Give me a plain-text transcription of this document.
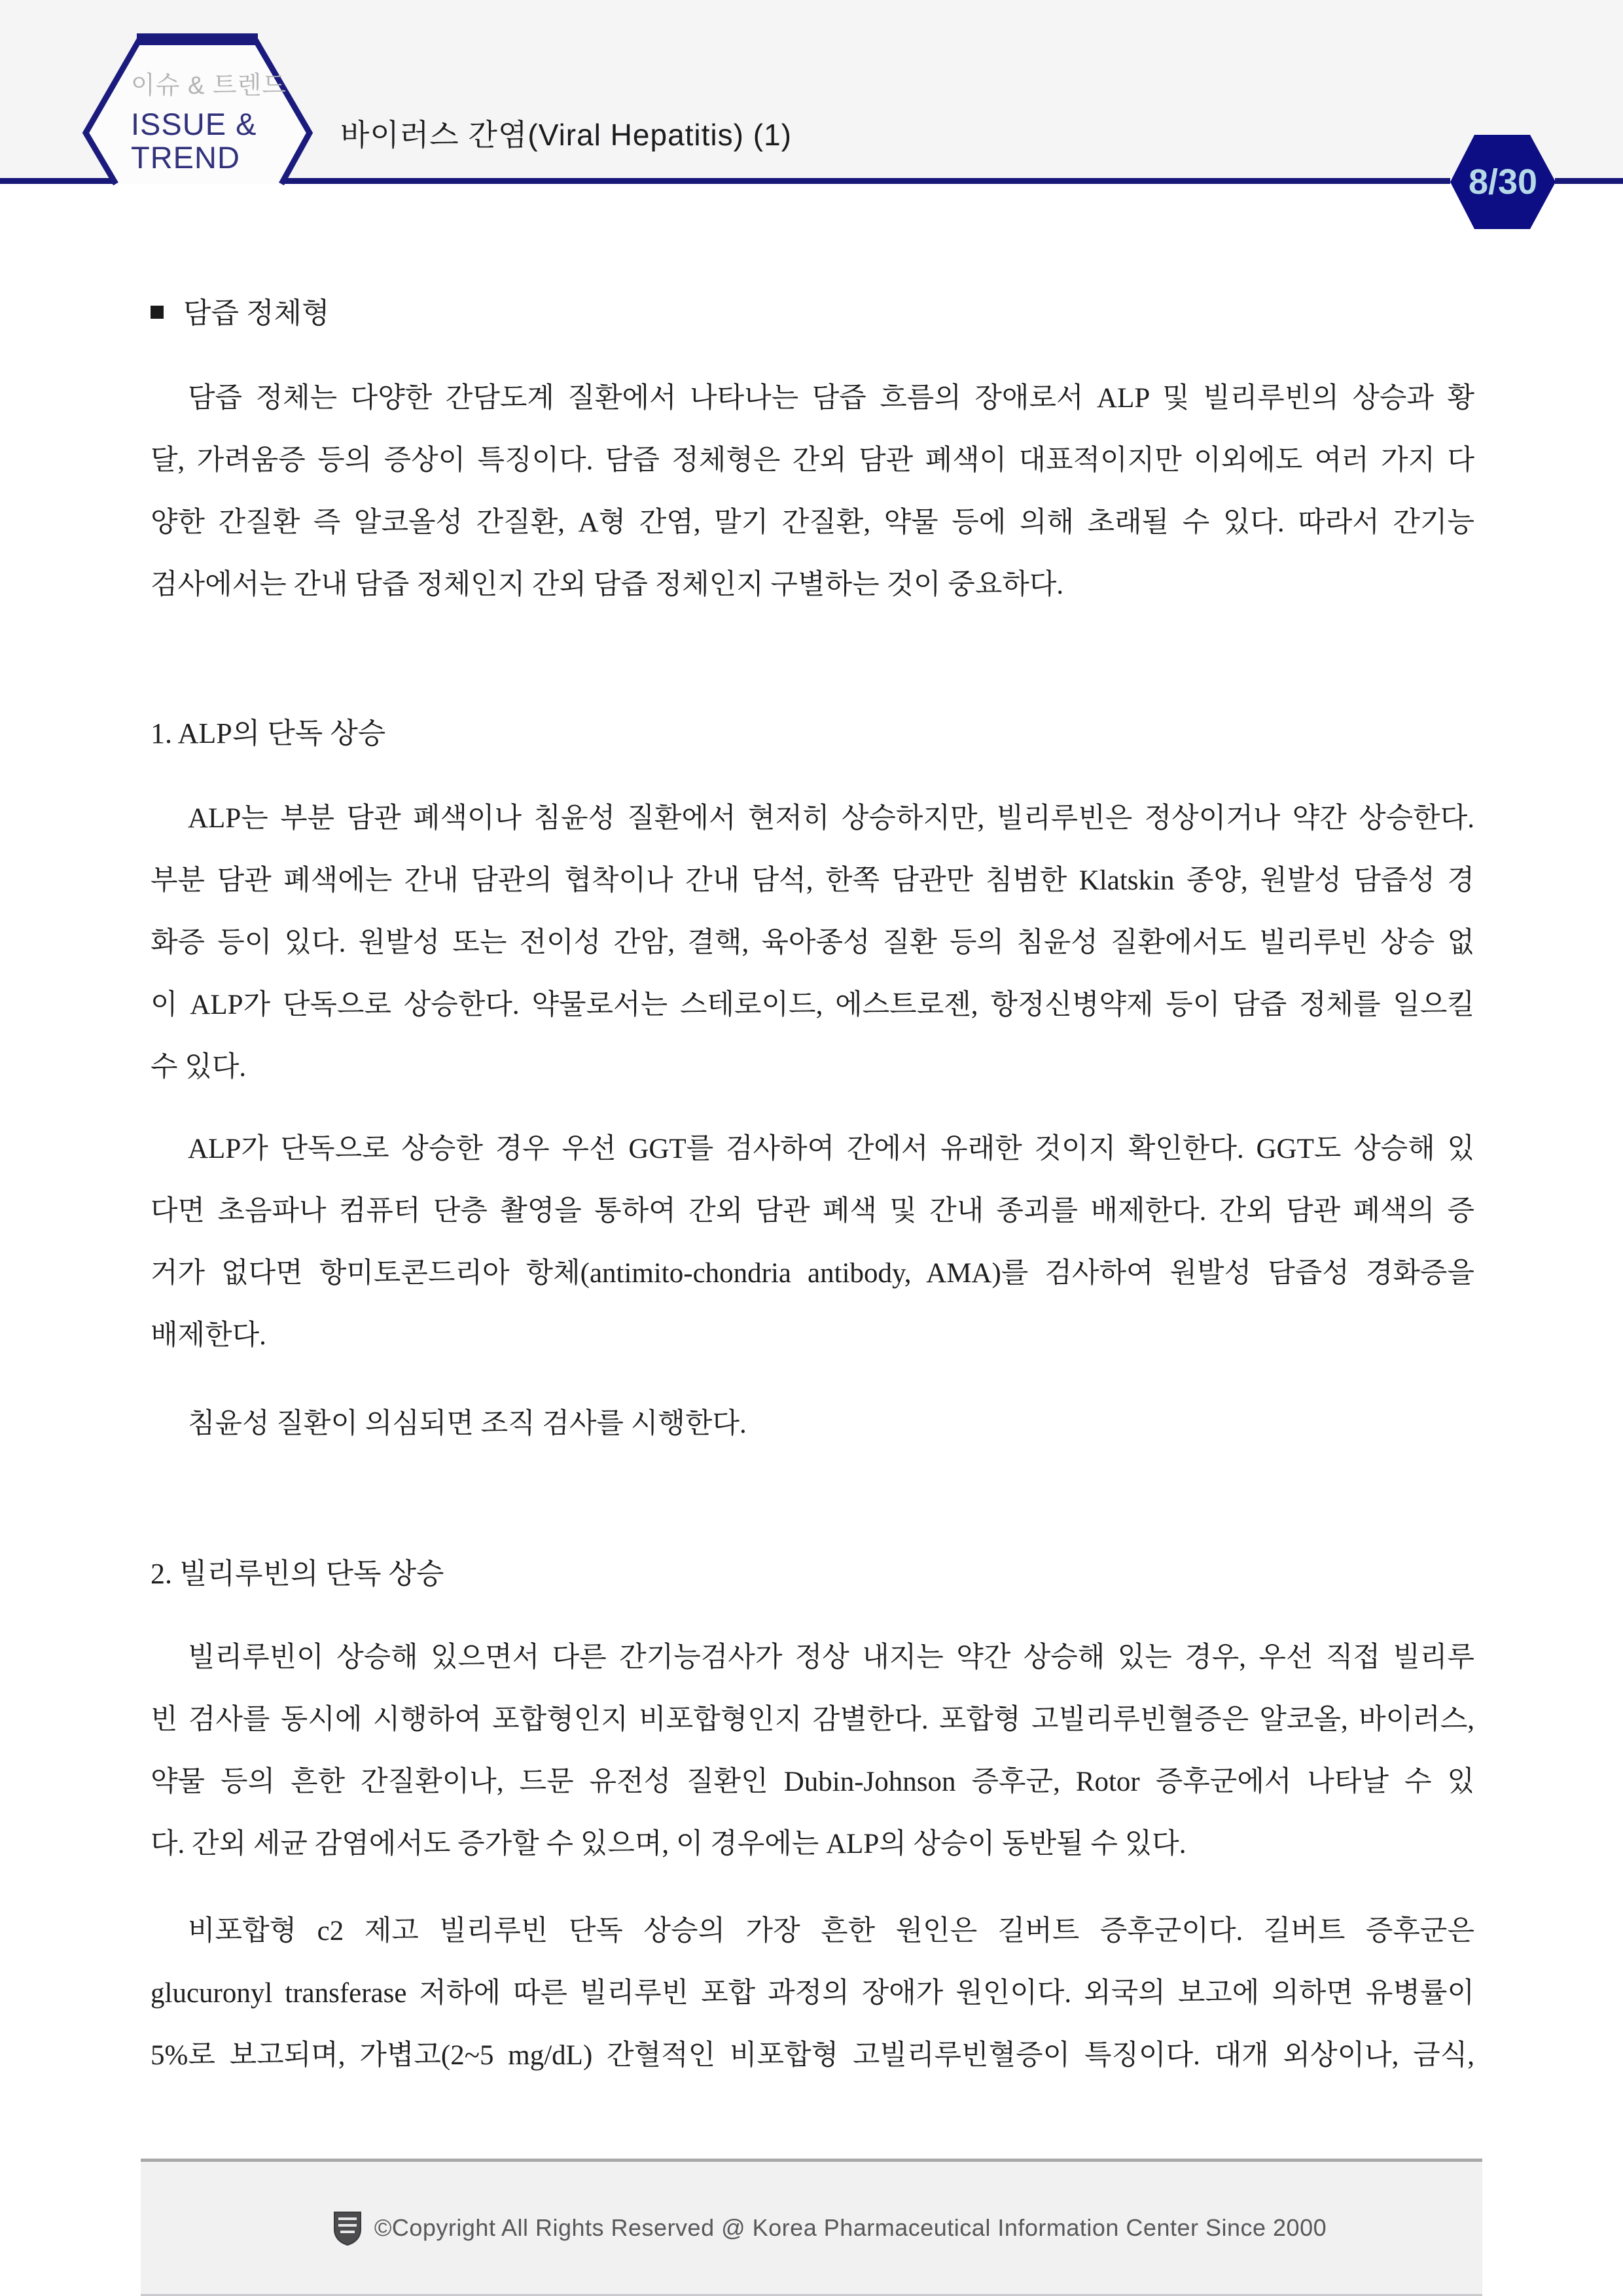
이슈 & 트렌드
ISSUE &
TREND
바이러스 간염(Viral Hepatitis) (1)
8/30
담즙 정체형
담즙 정체는 다양한 간담도계 질환에서 나타나는 담즙 흐름의 장애로서 ALP 및 빌리루빈의 상승과 황
달, 가려움증 등의 증상이 특징이다. 담즙 정체형은 간외 담관 폐색이 대표적이지만 이외에도 여러 가지 다
양한 간질환 즉 알코올성 간질환, A형 간염, 말기 간질환, 약물 등에 의해 초래될 수 있다. 따라서 간기능
검사에서는 간내 담즙 정체인지 간외 담즙 정체인지 구별하는 것이 중요하다.
1. ALP의 단독 상승
ALP는 부분 담관 폐색이나 침윤성 질환에서 현저히 상승하지만, 빌리루빈은 정상이거나 약간 상승한다.
부분 담관 폐색에는 간내 담관의 협착이나 간내 담석, 한쪽 담관만 침범한 Klatskin 종양, 원발성 담즙성 경
화증 등이 있다. 원발성 또는 전이성 간암, 결핵, 육아종성 질환 등의 침윤성 질환에서도 빌리루빈 상승 없
이 ALP가 단독으로 상승한다. 약물로서는 스테로이드, 에스트로젠, 항정신병약제 등이 담즙 정체를 일으킬
수 있다.
ALP가 단독으로 상승한 경우 우선 GGT를 검사하여 간에서 유래한 것이지 확인한다. GGT도 상승해 있
다면 초음파나 컴퓨터 단층 촬영을 통하여 간외 담관 폐색 및 간내 종괴를 배제한다. 간외 담관 폐색의 증
거가 없다면 항미토콘드리아 항체(antimito-chondria antibody, AMA)를 검사하여 원발성 담즙성 경화증을
배제한다.
침윤성 질환이 의심되면 조직 검사를 시행한다.
2. 빌리루빈의 단독 상승
빌리루빈이 상승해 있으면서 다른 간기능검사가 정상 내지는 약간 상승해 있는 경우, 우선 직접 빌리루
빈 검사를 동시에 시행하여 포합형인지 비포합형인지 감별한다. 포합형 고빌리루빈혈증은 알코올, 바이러스,
약물 등의 흔한 간질환이나, 드문 유전성 질환인 Dubin-Johnson 증후군, Rotor 증후군에서 나타날 수 있
다. 간외 세균 감염에서도 증가할 수 있으며, 이 경우에는 ALP의 상승이 동반될 수 있다.
비포합형 c2 제고 빌리루빈 단독 상승의 가장 흔한 원인은 길버트 증후군이다. 길버트 증후군은
glucuronyl transferase 저하에 따른 빌리루빈 포합 과정의 장애가 원인이다. 외국의 보고에 의하면 유병률이
5%로 보고되며, 가볍고(2~5 mg/dL) 간혈적인 비포합형 고빌리루빈혈증이 특징이다. 대개 외상이나, 금식,
©Copyright All Rights Reserved @ Korea Pharmaceutical Information Center Since 2000
